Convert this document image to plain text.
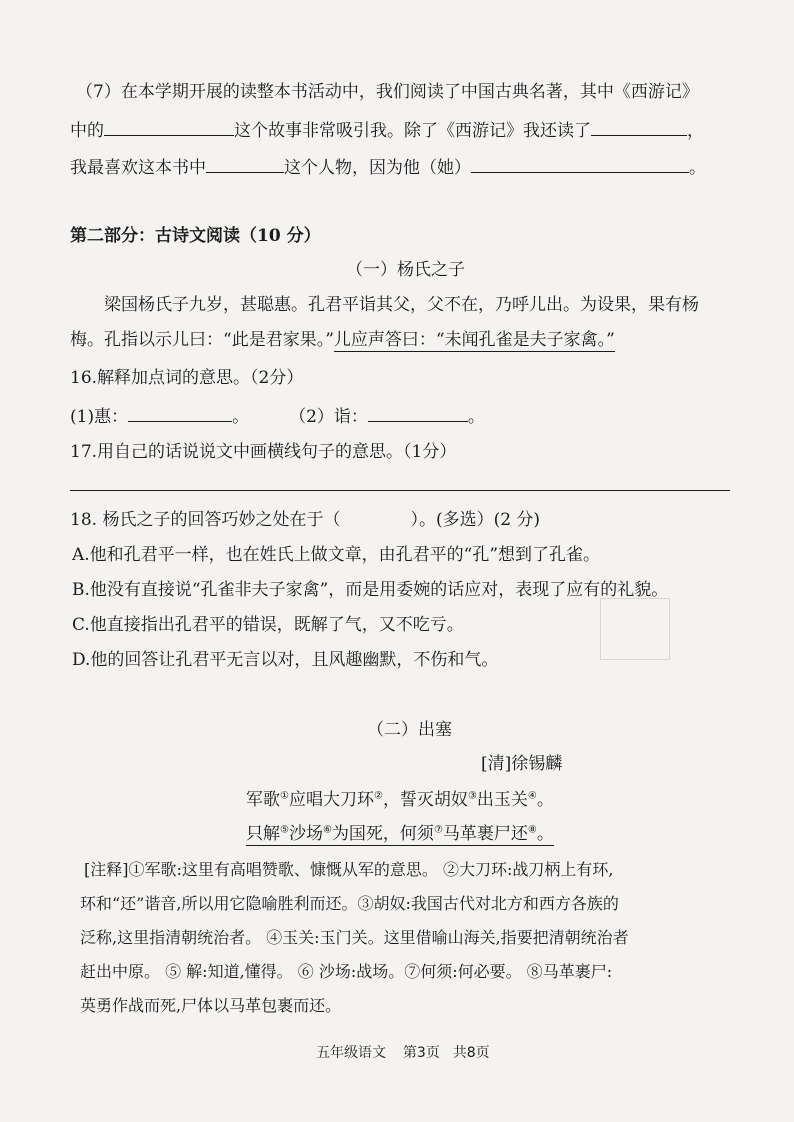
（7）在本学期开展的读整本书活动中，我们阅读了中国古典名著，其中《西游记》
中的	这个故事非常吸引我。除了《西游记》我还读了	，
我最喜欢这本书中	这个人物，因为他（她）	。
第二部分：古诗文阅读（10 分）
（一）杨氏之子
梁国杨氏子九岁，甚聪惠。孔君平诣其父，父不在，乃呼儿出。为设果，果有杨
梅。孔指以示儿曰：“此是君家果。”儿应声答曰：“未闻孔雀是夫子家禽。”
16.解释加点词的意思。（2分）
(1)惠：	。 （2）诣：	。
17.用自己的话说说文中画横线句子的意思。（1分）
18. 杨氏之子的回答巧妙之处在于（	）。(多选）(2 分)
A.他和孔君平一样，也在姓氏上做文章，由孔君平的“孔”想到了孔雀。
B.他没有直接说“孔雀非夫子家禽”，而是用委婉的话应对，表现了应有的礼貌。
C.他直接指出孔君平的错误，既解了气，又不吃亏。
D.他的回答让孔君平无言以对，且风趣幽默，不伤和气。
（二）出塞
[清]徐锡麟
军歌①应唱大刀环②，誓灭胡奴③出玉关④。
只解⑤沙场⑥为国死，何须⑦马革裹尸还⑧。
[注释]①军歌:这里有高唱赞歌、慷慨从军的意思。 ②大刀环:战刀柄上有环,
环和“还”谐音,所以用它隐喻胜利而还。③胡奴:我国古代对北方和西方各族的
泛称,这里指清朝统治者。 ④玉关:玉门关。这里借喻山海关,指要把清朝统治者
赶出中原。 ⑤ 解:知道,懂得。 ⑥ 沙场:战场。⑦何须:何必要。 ⑧马革裹尸:
英勇作战而死,尸体以马革包裹而还。
五年级语文 第3页 共8页
